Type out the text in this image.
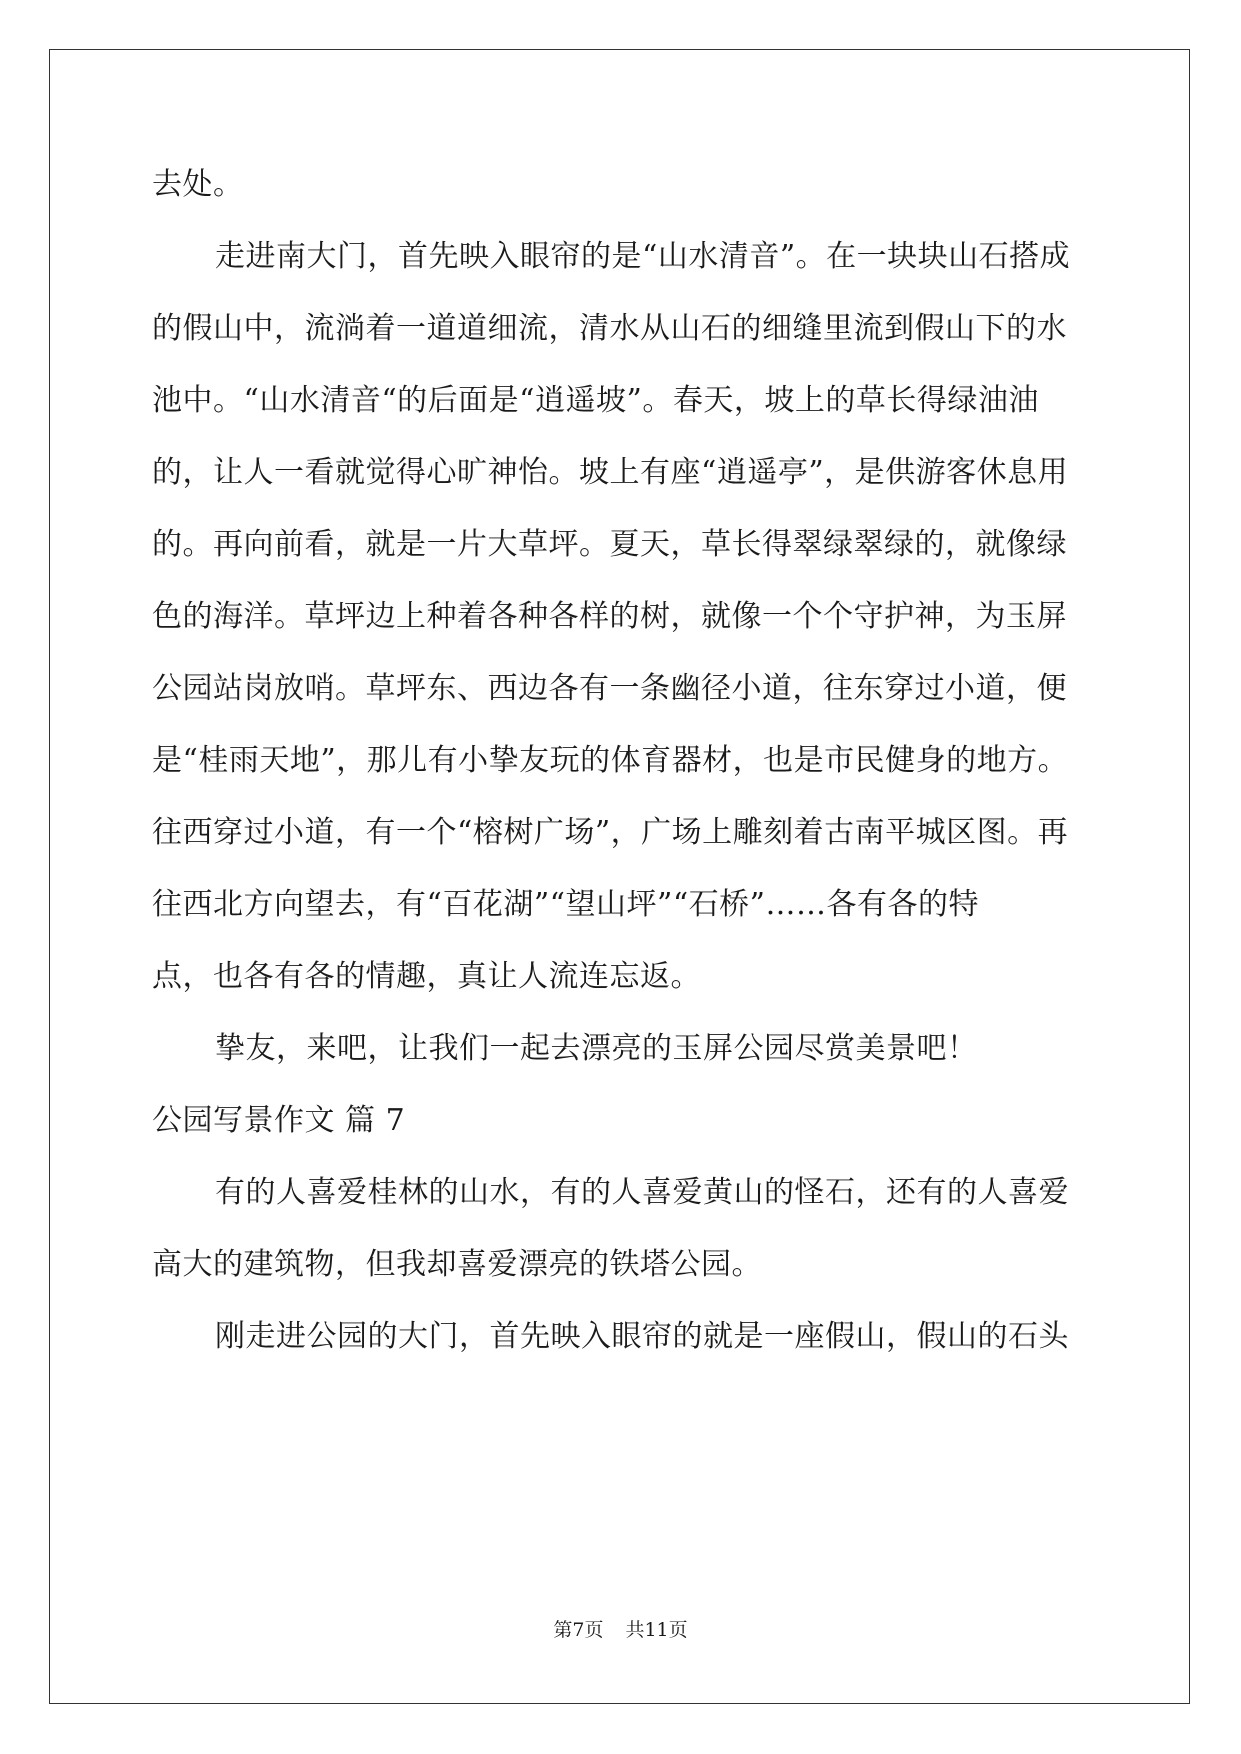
去处。
走进南大门，首先映入眼帘的是“山水清音”。在一块块山石搭成
的假山中，流淌着一道道细流，清水从山石的细缝里流到假山下的水
池中。“山水清音“的后面是“逍遥坡”。春天，坡上的草长得绿油油
的，让人一看就觉得心旷神怡。坡上有座“逍遥亭”，是供游客休息用
的。再向前看，就是一片大草坪。夏天，草长得翠绿翠绿的，就像绿
色的海洋。草坪边上种着各种各样的树，就像一个个守护神，为玉屏
公园站岗放哨。草坪东、西边各有一条幽径小道，往东穿过小道，便
是“桂雨天地”，那儿有小挚友玩的体育器材，也是市民健身的地方。
往西穿过小道，有一个“榕树广场”，广场上雕刻着古南平城区图。再
往西北方向望去，有“百花湖”“望山坪”“石桥”……各有各的特
点，也各有各的情趣，真让人流连忘返。
挚友，来吧，让我们一起去漂亮的玉屏公园尽赏美景吧！
公园写景作文 篇 7
有的人喜爱桂林的山水，有的人喜爱黄山的怪石，还有的人喜爱
高大的建筑物，但我却喜爱漂亮的铁塔公园。
刚走进公园的大门，首先映入眼帘的就是一座假山，假山的石头
第7页 共11页
